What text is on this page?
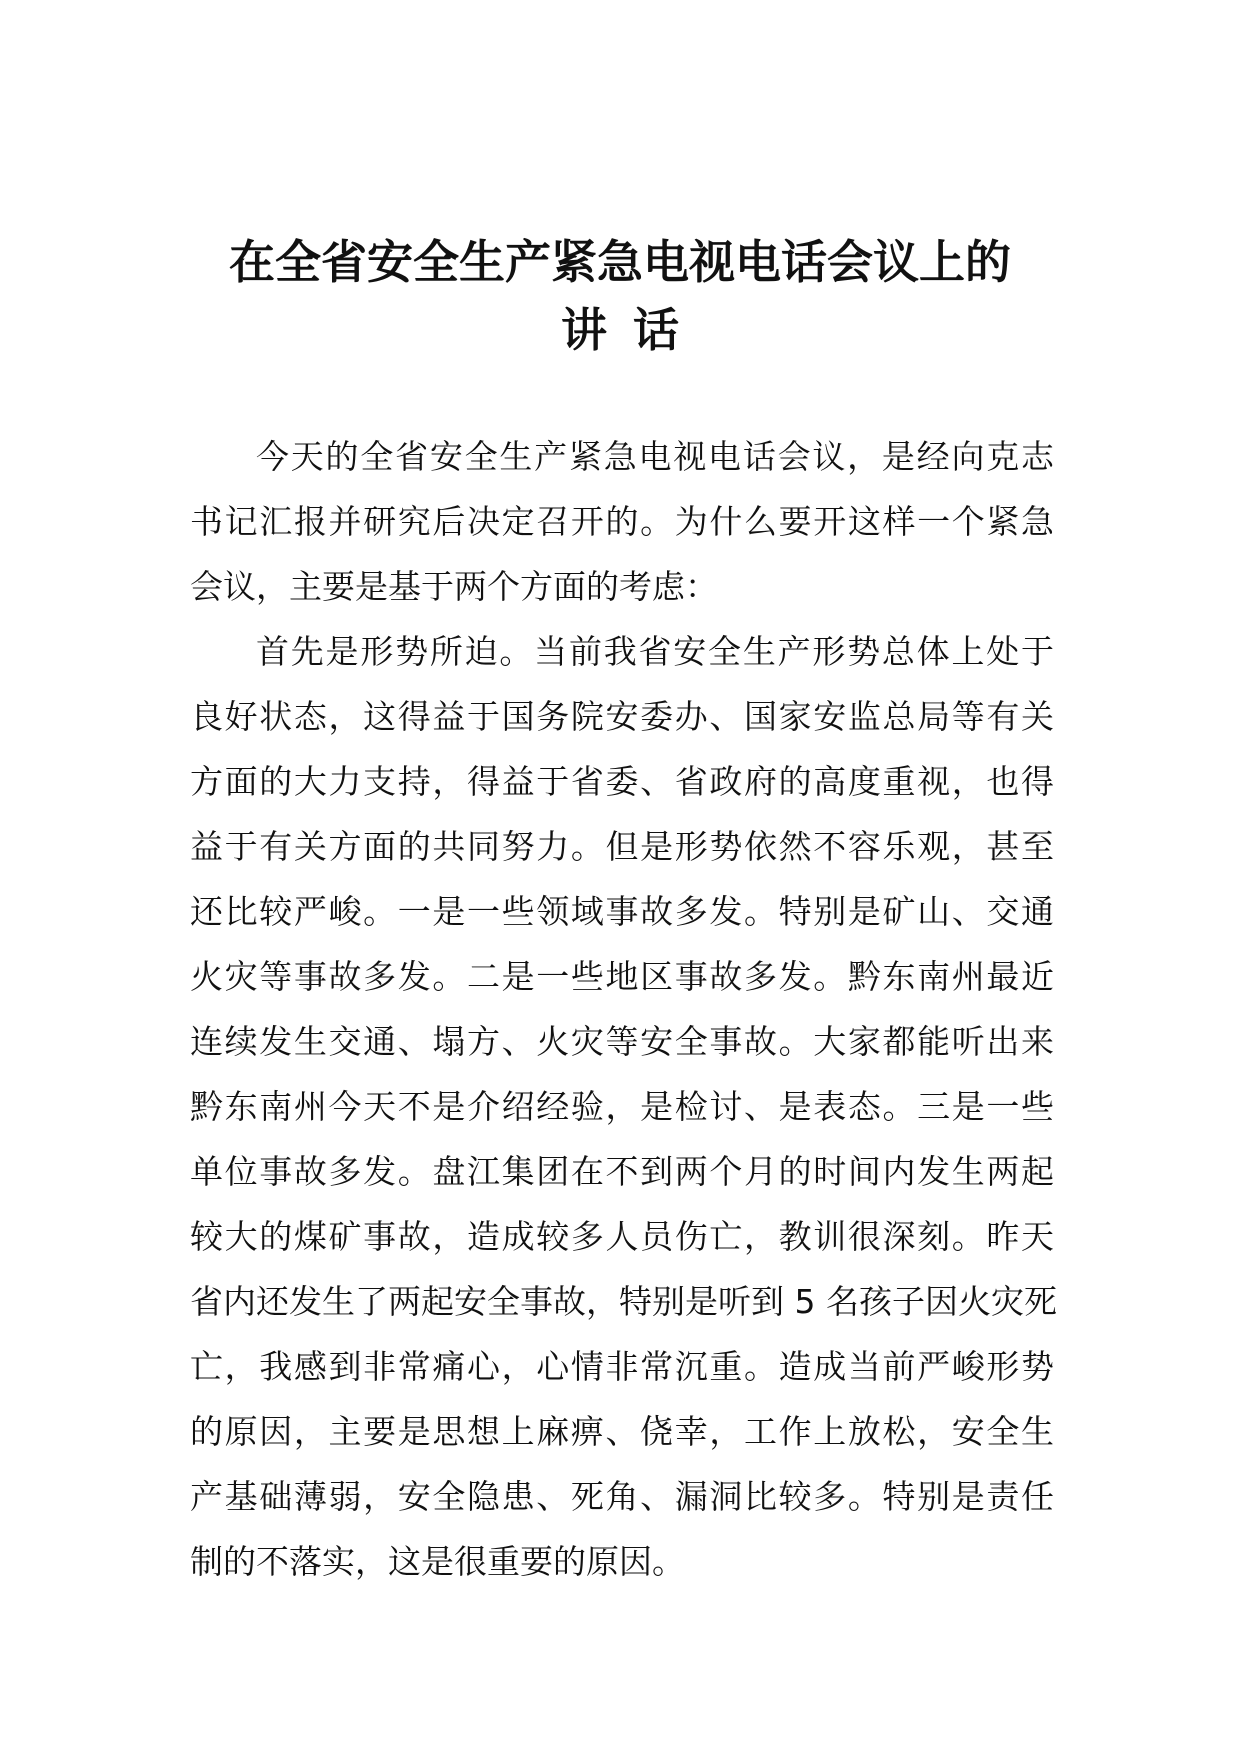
在全省安全生产紧急电视电话会议上的
讲话
今天的全省安全生产紧急电视电话会议，是经向克志
书记汇报并研究后决定召开的。为什么要开这样一个紧急
会议，主要是基于两个方面的考虑：
首先是形势所迫。当前我省安全生产形势总体上处于
良好状态，这得益于国务院安委办、国家安监总局等有关
方面的大力支持，得益于省委、省政府的高度重视，也得
益于有关方面的共同努力。但是形势依然不容乐观，甚至
还比较严峻。一是一些领域事故多发。特别是矿山、交通
火灾等事故多发。二是一些地区事故多发。黔东南州最近
连续发生交通、塌方、火灾等安全事故。大家都能听出来
黔东南州今天不是介绍经验，是检讨、是表态。三是一些
单位事故多发。盘江集团在不到两个月的时间内发生两起
较大的煤矿事故，造成较多人员伤亡，教训很深刻。昨天
省内还发生了两起安全事故，特别是听到 5 名孩子因火灾死
亡，我感到非常痛心，心情非常沉重。造成当前严峻形势
的原因，主要是思想上麻痹、侥幸，工作上放松，安全生
产基础薄弱，安全隐患、死角、漏洞比较多。特别是责任
制的不落实，这是很重要的原因。
